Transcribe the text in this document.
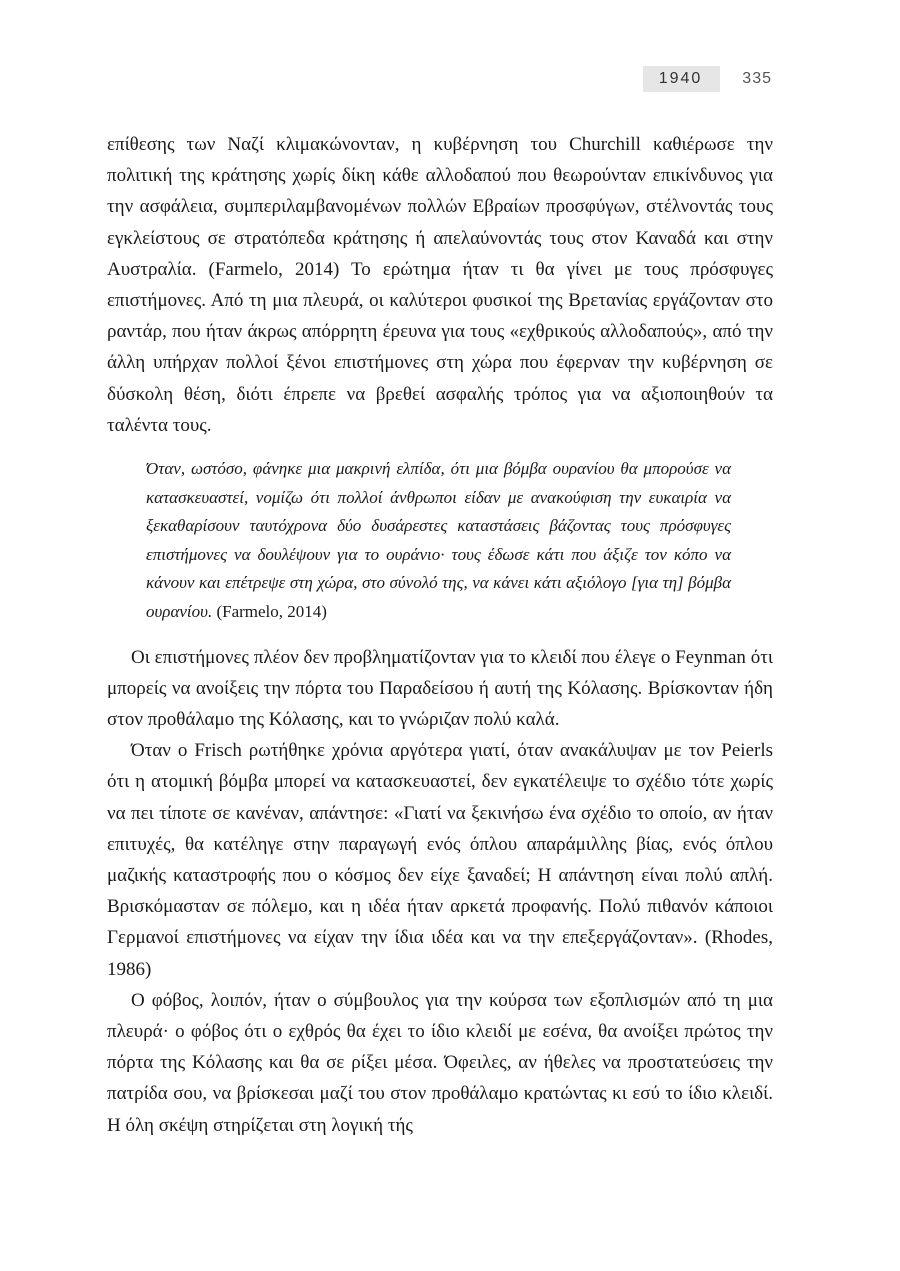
1940	335

επίθεσης των Ναζί κλιμακώνονταν, η κυβέρνηση του Churchill καθιέρωσε την πολιτική της κράτησης χωρίς δίκη κάθε αλλοδαπού που θεωρούνταν επικίνδυνος για την ασφάλεια, συμπεριλαμβανομένων πολλών Εβραίων προσφύγων, στέλνοντάς τους εγκλείστους σε στρατόπεδα κράτησης ή απελαύνοντάς τους στον Καναδά και στην Αυστραλία. (Farmelo, 2014) Το ερώτημα ήταν τι θα γίνει με τους πρόσφυγες επιστήμονες. Από τη μια πλευρά, οι καλύτεροι φυσικοί της Βρετανίας εργάζονταν στο ραντάρ, που ήταν άκρως απόρρητη έρευνα για τους «εχθρικούς αλλοδαπούς», από την άλλη υπήρχαν πολλοί ξένοι επιστήμονες στη χώρα που έφερναν την κυβέρνηση σε δύσκολη θέση, διότι έπρεπε να βρεθεί ασφαλής τρόπος για να αξιοποιηθούν τα ταλέντα τους.

Όταν, ωστόσο, φάνηκε μια μακρινή ελπίδα, ότι μια βόμβα ουρανίου θα μπορούσε να κατασκευαστεί, νομίζω ότι πολλοί άνθρωποι είδαν με ανακούφιση την ευκαιρία να ξεκαθαρίσουν ταυτόχρονα δύο δυσάρεστες καταστάσεις βάζοντας τους πρόσφυγες επιστήμονες να δουλέψουν για το ουράνιο· τους έδωσε κάτι που άξιζε τον κόπο να κάνουν και επέτρεψε στη χώρα, στο σύνολό της, να κάνει κάτι αξιόλογο [για τη] βόμβα ουρανίου. (Farmelo, 2014)

Οι επιστήμονες πλέον δεν προβληματίζονταν για το κλειδί που έλεγε ο Feynman ότι μπορείς να ανοίξεις την πόρτα του Παραδείσου ή αυτή της Κόλασης. Βρίσκονταν ήδη στον προθάλαμο της Κόλασης, και το γνώριζαν πολύ καλά.

Όταν ο Frisch ρωτήθηκε χρόνια αργότερα γιατί, όταν ανακάλυψαν με τον Peierls ότι η ατομική βόμβα μπορεί να κατασκευαστεί, δεν εγκατέλειψε το σχέδιο τότε χωρίς να πει τίποτε σε κανέναν, απάντησε: «Γιατί να ξεκινήσω ένα σχέδιο το οποίο, αν ήταν επιτυχές, θα κατέληγε στην παραγωγή ενός όπλου απαράμιλλης βίας, ενός όπλου μαζικής καταστροφής που ο κόσμος δεν είχε ξαναδεί; Η απάντηση είναι πολύ απλή. Βρισκόμασταν σε πόλεμο, και η ιδέα ήταν αρκετά προφανής. Πολύ πιθανόν κάποιοι Γερμανοί επιστήμονες να είχαν την ίδια ιδέα και να την επεξεργάζονταν». (Rhodes, 1986)

Ο φόβος, λοιπόν, ήταν ο σύμβουλος για την κούρσα των εξοπλισμών από τη μια πλευρά· ο φόβος ότι ο εχθρός θα έχει το ίδιο κλειδί με εσένα, θα ανοίξει πρώτος την πόρτα της Κόλασης και θα σε ρίξει μέσα. Όφειλες, αν ήθελες να προστατεύσεις την πατρίδα σου, να βρίσκεσαι μαζί του στον προθάλαμο κρατώντας κι εσύ το ίδιο κλειδί. Η όλη σκέψη στηρίζεται στη λογική τής
